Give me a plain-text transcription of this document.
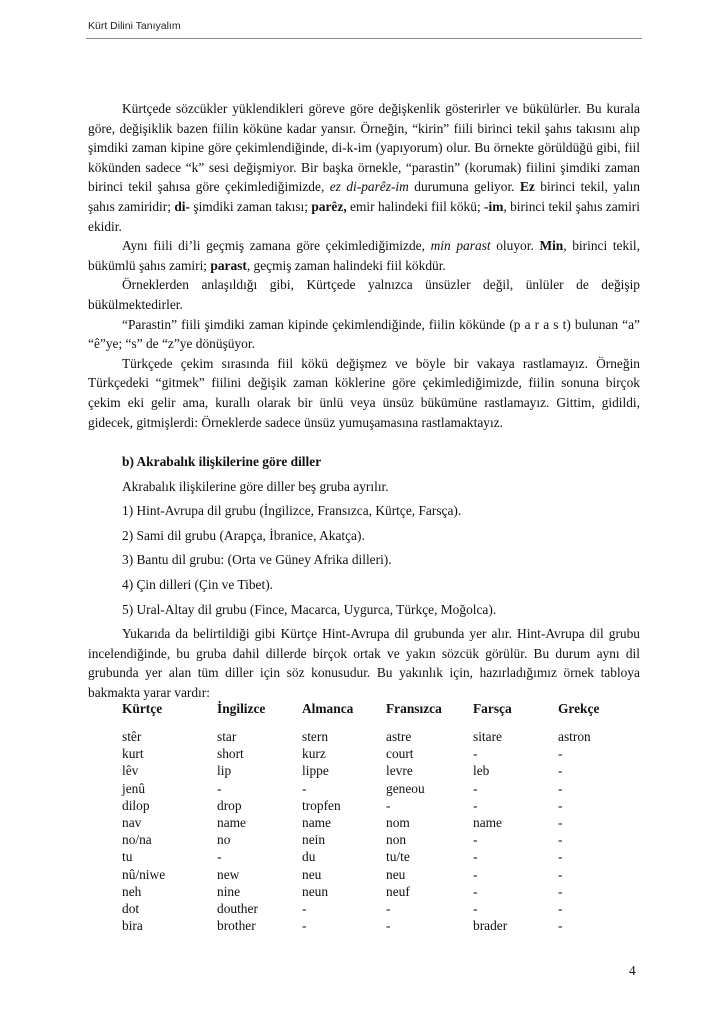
Kürt Dilini Tanıyalım

Kürtçede sözcükler yüklendikleri göreve göre değişkenlik gösterirler ve bükülürler. Bu kurala göre, değişiklik bazen fiilin köküne kadar yansır. Örneğin, “kirin” fiili birinci tekil şahıs takısını alıp şimdiki zaman kipine göre çekimlendiğinde, di-k-im (yapıyorum) olur. Bu örnekte görüldüğü gibi, fiil kökünden sadece “k” sesi değişmiyor. Bir başka örnekle, “parastin” (korumak) fiilini şimdiki zaman birinci tekil şahısa göre çekimlediğimizde, ez di-parêz-im durumuna geliyor. Ez birinci tekil, yalın şahıs zamiridir; di- şimdiki zaman takısı; parêz, emir halindeki fiil kökü; -im, birinci tekil şahıs zamiri ekidir.

Aynı fiili di’li geçmiş zamana göre çekimlediğimizde, min parast oluyor. Min, birinci tekil, bükümlü şahıs zamiri; parast, geçmiş zaman halindeki fiil kökdür.

Örneklerden anlaşıldığı gibi, Kürtçede yalnızca ünsüzler değil, ünlüler de değişip bükülmektedirler.

“Parastin” fiili şimdiki zaman kipinde çekimlendiğinde, fiilin kökünde (p a r a s t) bulunan “a” “ê”ye; “s” de “z”ye dönüşüyor.

Türkçede çekim sırasında fiil kökü değişmez ve böyle bir vakaya rastlamayız. Örneğin Türkçedeki “gitmek” fiilini değişik zaman köklerine göre çekimlediğimizde, fiilin sonuna birçok çekim eki gelir ama, kurallı olarak bir ünlü veya ünsüz bükümüne rastlamayız. Gittim, gidildi, gidecek, gitmişlerdi: Örneklerde sadece ünsüz yumuşamasına rastlamaktayız.

b) Akrabalık ilişkilerine göre diller
Akrabalık ilişkilerine göre diller beş gruba ayrılır.
1) Hint-Avrupa dil grubu (İngilizce, Fransızca, Kürtçe, Farsça).
2) Sami dil grubu (Arapça, İbranice, Akatça).
3) Bantu dil grubu: (Orta ve Güney Afrika dilleri).
4) Çin dilleri (Çin ve Tibet).
5) Ural-Altay dil grubu (Fince, Macarca, Uygurca, Türkçe, Moğolca).

Yukarıda da belirtildiği gibi Kürtçe Hint-Avrupa dil grubunda yer alır. Hint-Avrupa dil grubu incelendiğinde, bu gruba dahil dillerde birçok ortak ve yakın sözcük görülür. Bu durum aynı dil grubunda yer alan tüm diller için söz konusudur. Bu yakınlık için, hazırladığımız örnek tabloya bakmakta yarar vardır:

Kürtçe	İngilizce	Almanca	Fransızca	Farsça	Grekçe
stêr	star	stern	astre	sitare	astron
kurt	short	kurz	court	-	-
lêv	lip	lippe	levre	leb	-
jenû	-	-	geneou	-	-
dilop	drop	tropfen	-	-	-
nav	name	name	nom	name	-
no/na	no	nein	non	-	-
tu	-	du	tu/te	-	-
nû/niwe	new	neu	neu	-	-
neh	nine	neun	neuf	-	-
dot	douther	-	-	-	-
bira	brother	-	-	brader	-
4
